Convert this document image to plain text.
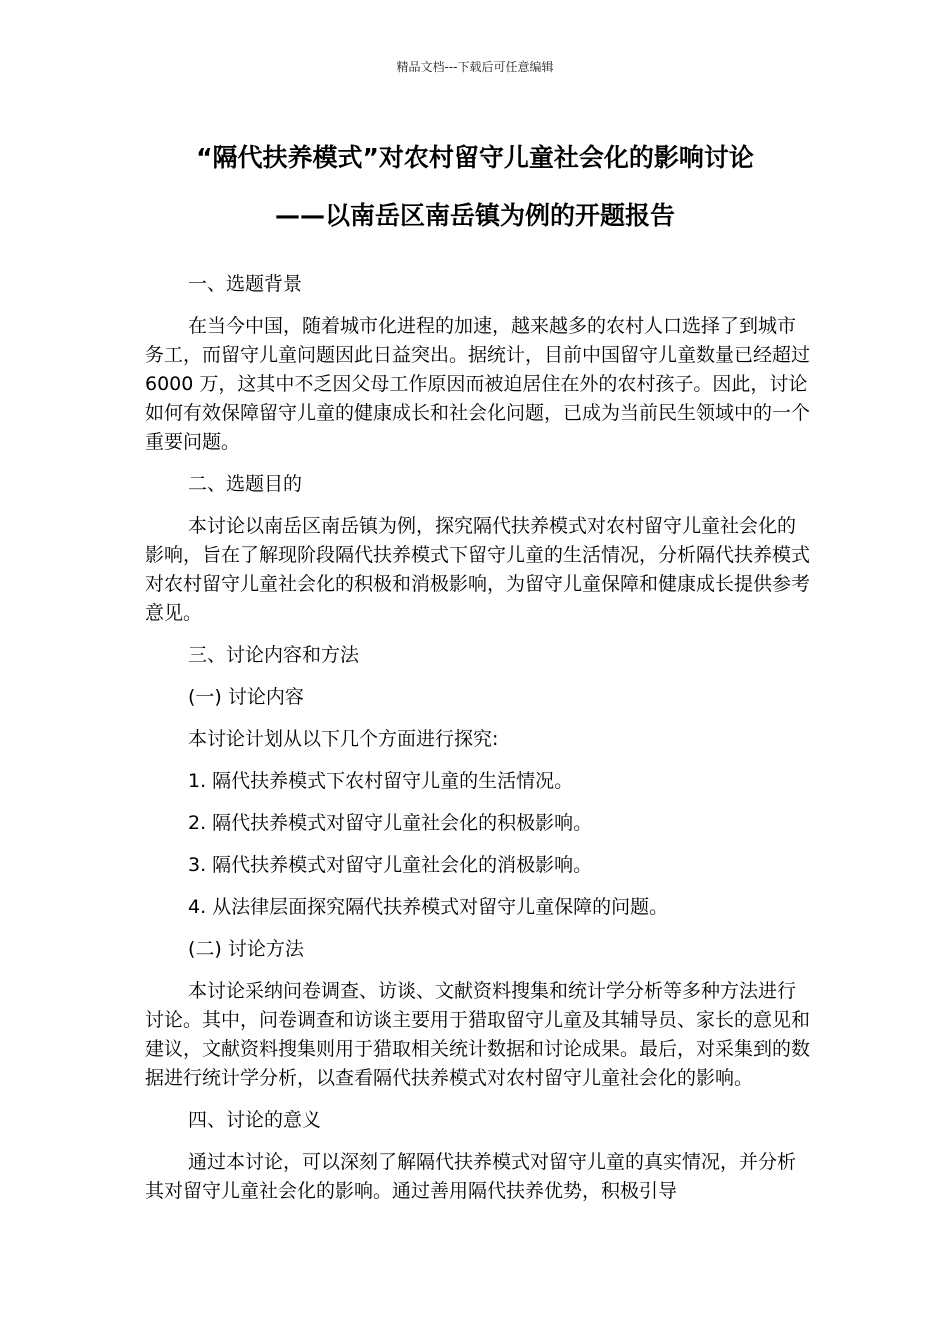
精品文档---下载后可任意编辑
“隔代扶养模式”对农村留守儿童社会化的影响讨论
——以南岳区南岳镇为例的开题报告

一、选题背景

在当今中国，随着城市化进程的加速，越来越多的农村人口选择了到城市务工，而留守儿童问题因此日益突出。据统计，目前中国留守儿童数量已经超过 6000 万，这其中不乏因父母工作原因而被迫居住在外的农村孩子。因此，讨论如何有效保障留守儿童的健康成长和社会化问题，已成为当前民生领域中的一个重要问题。

二、选题目的

本讨论以南岳区南岳镇为例，探究隔代扶养模式对农村留守儿童社会化的影响，旨在了解现阶段隔代扶养模式下留守儿童的生活情况，分析隔代扶养模式对农村留守儿童社会化的积极和消极影响，为留守儿童保障和健康成长提供参考意见。

三、讨论内容和方法

(一) 讨论内容

本讨论计划从以下几个方面进行探究:

1. 隔代扶养模式下农村留守儿童的生活情况。

2. 隔代扶养模式对留守儿童社会化的积极影响。

3. 隔代扶养模式对留守儿童社会化的消极影响。

4. 从法律层面探究隔代扶养模式对留守儿童保障的问题。

(二) 讨论方法

本讨论采纳问卷调查、访谈、文献资料搜集和统计学分析等多种方法进行讨论。其中，问卷调查和访谈主要用于猎取留守儿童及其辅导员、家长的意见和建议，文献资料搜集则用于猎取相关统计数据和讨论成果。最后，对采集到的数据进行统计学分析，以查看隔代扶养模式对农村留守儿童社会化的影响。

四、讨论的意义

通过本讨论，可以深刻了解隔代扶养模式对留守儿童的真实情况，并分析其对留守儿童社会化的影响。通过善用隔代扶养优势，积极引导
